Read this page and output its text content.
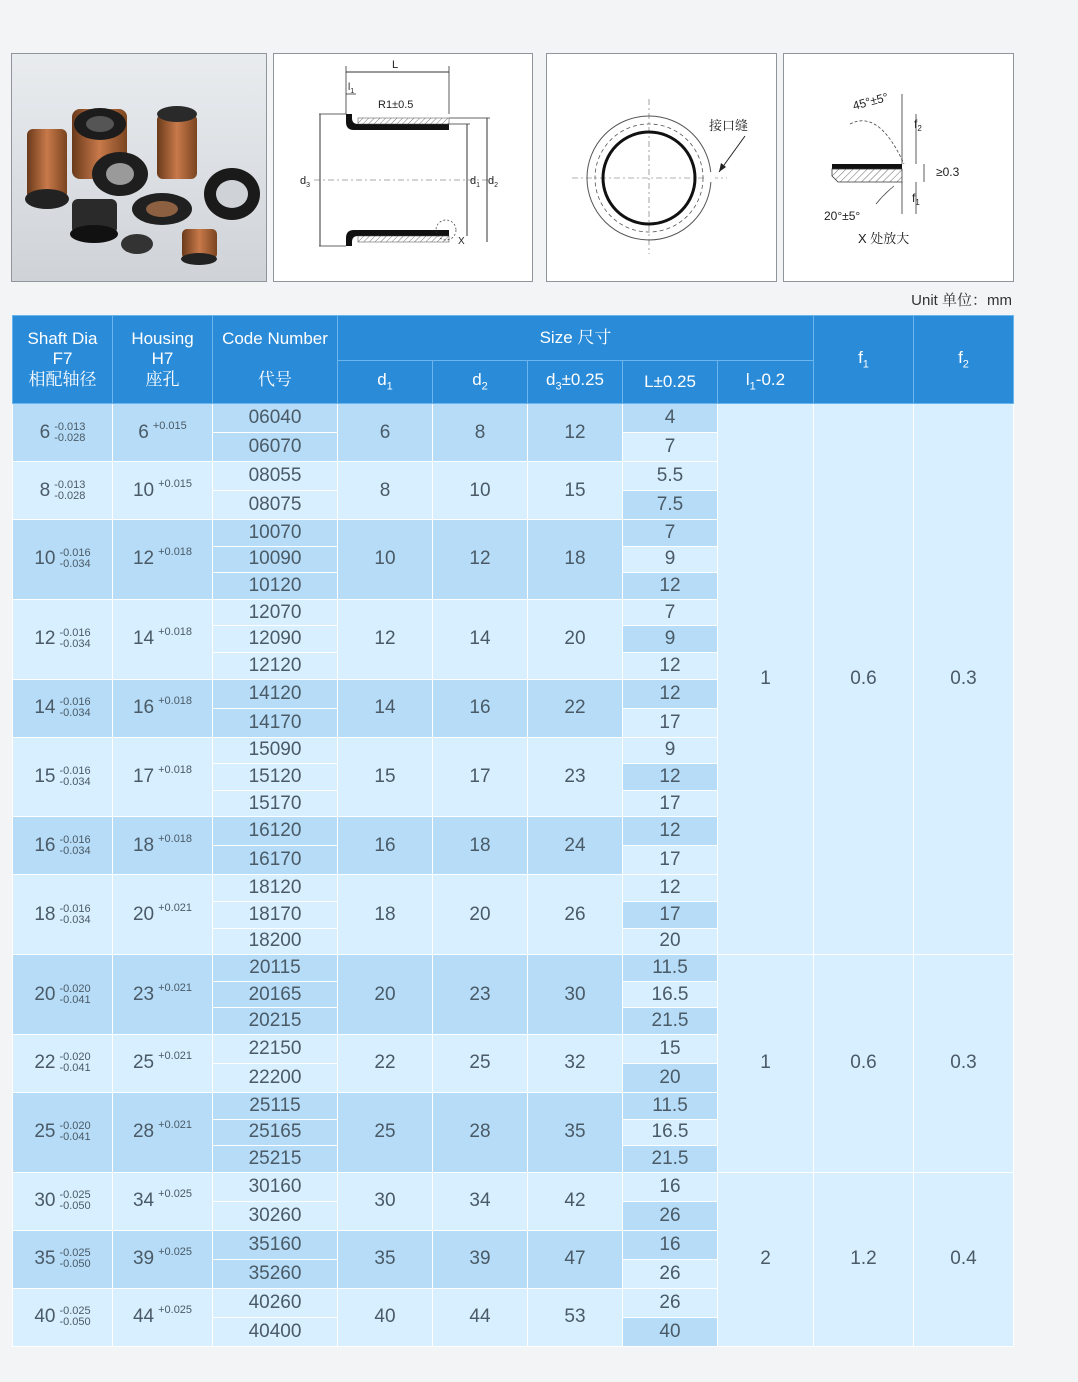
L
$l_1$
R1±0.5
$d_3$	$d_1$ $d_2$
X
接口缝
45°±5°
$f_2$
≥0.3
$f_1$
20°±5°
X 处放大
Unit 单位：mm
Shaft Dia
F7
相配轴径	Housing
H7
座孔	Code Number

代号	Size 尺寸					$f_1$	$f_2$
			$d_1$	$d_2$	$d_3\pm 0.25$	L±0.25	$l_1-0.2$		

6 -0.013
-0.028	6 +0.015	06040	6	8	12	4	1	0.6	0.3
		06070				7			

8 -0.013
-0.028	10 +0.015	08055	8	10	15	5.5			
		08075				7.5			

10 -0.016
-0.034	12 +0.018	10070	10	12	18	7			
		10090				9			
		10120				12			

12 -0.016
-0.034	14 +0.018	12070	12	14	20	7			
		12090				9			
		12120				12			

14 -0.016
-0.034	16 +0.018	14120	14	16	22	12			
		14170				17			

15 -0.016
-0.034	17 +0.018	15090	15	17	23	9			
		15120				12			
		15170				17			

16 -0.016
-0.034	18 +0.018	16120	16	18	24	12			
		16170				17			

18 -0.016
-0.034	20 +0.021	18120	18	20	26	12			
		18170				17			
		18200				20			

20 -0.020
-0.041	23 +0.021	20115	20	23	30	11.5	1	0.6	0.3
		20165				16.5			
		20215				21.5			

22 -0.020
-0.041	25 +0.021	22150	22	25	32	15			
		22200				20			

25 -0.020
-0.041	28 +0.021	25115	25	28	35	11.5			
		25165				16.5			
		25215				21.5			

30 -0.025
-0.050	34 +0.025	30160	30	34	42	16	2	1.2	0.4
		30260				26			

35 -0.025
-0.050	39 +0.025	35160	35	39	47	16			
		35260				26			

40 -0.025
-0.050	44 +0.025	40260	40	44	53	26			
		40400				40			
